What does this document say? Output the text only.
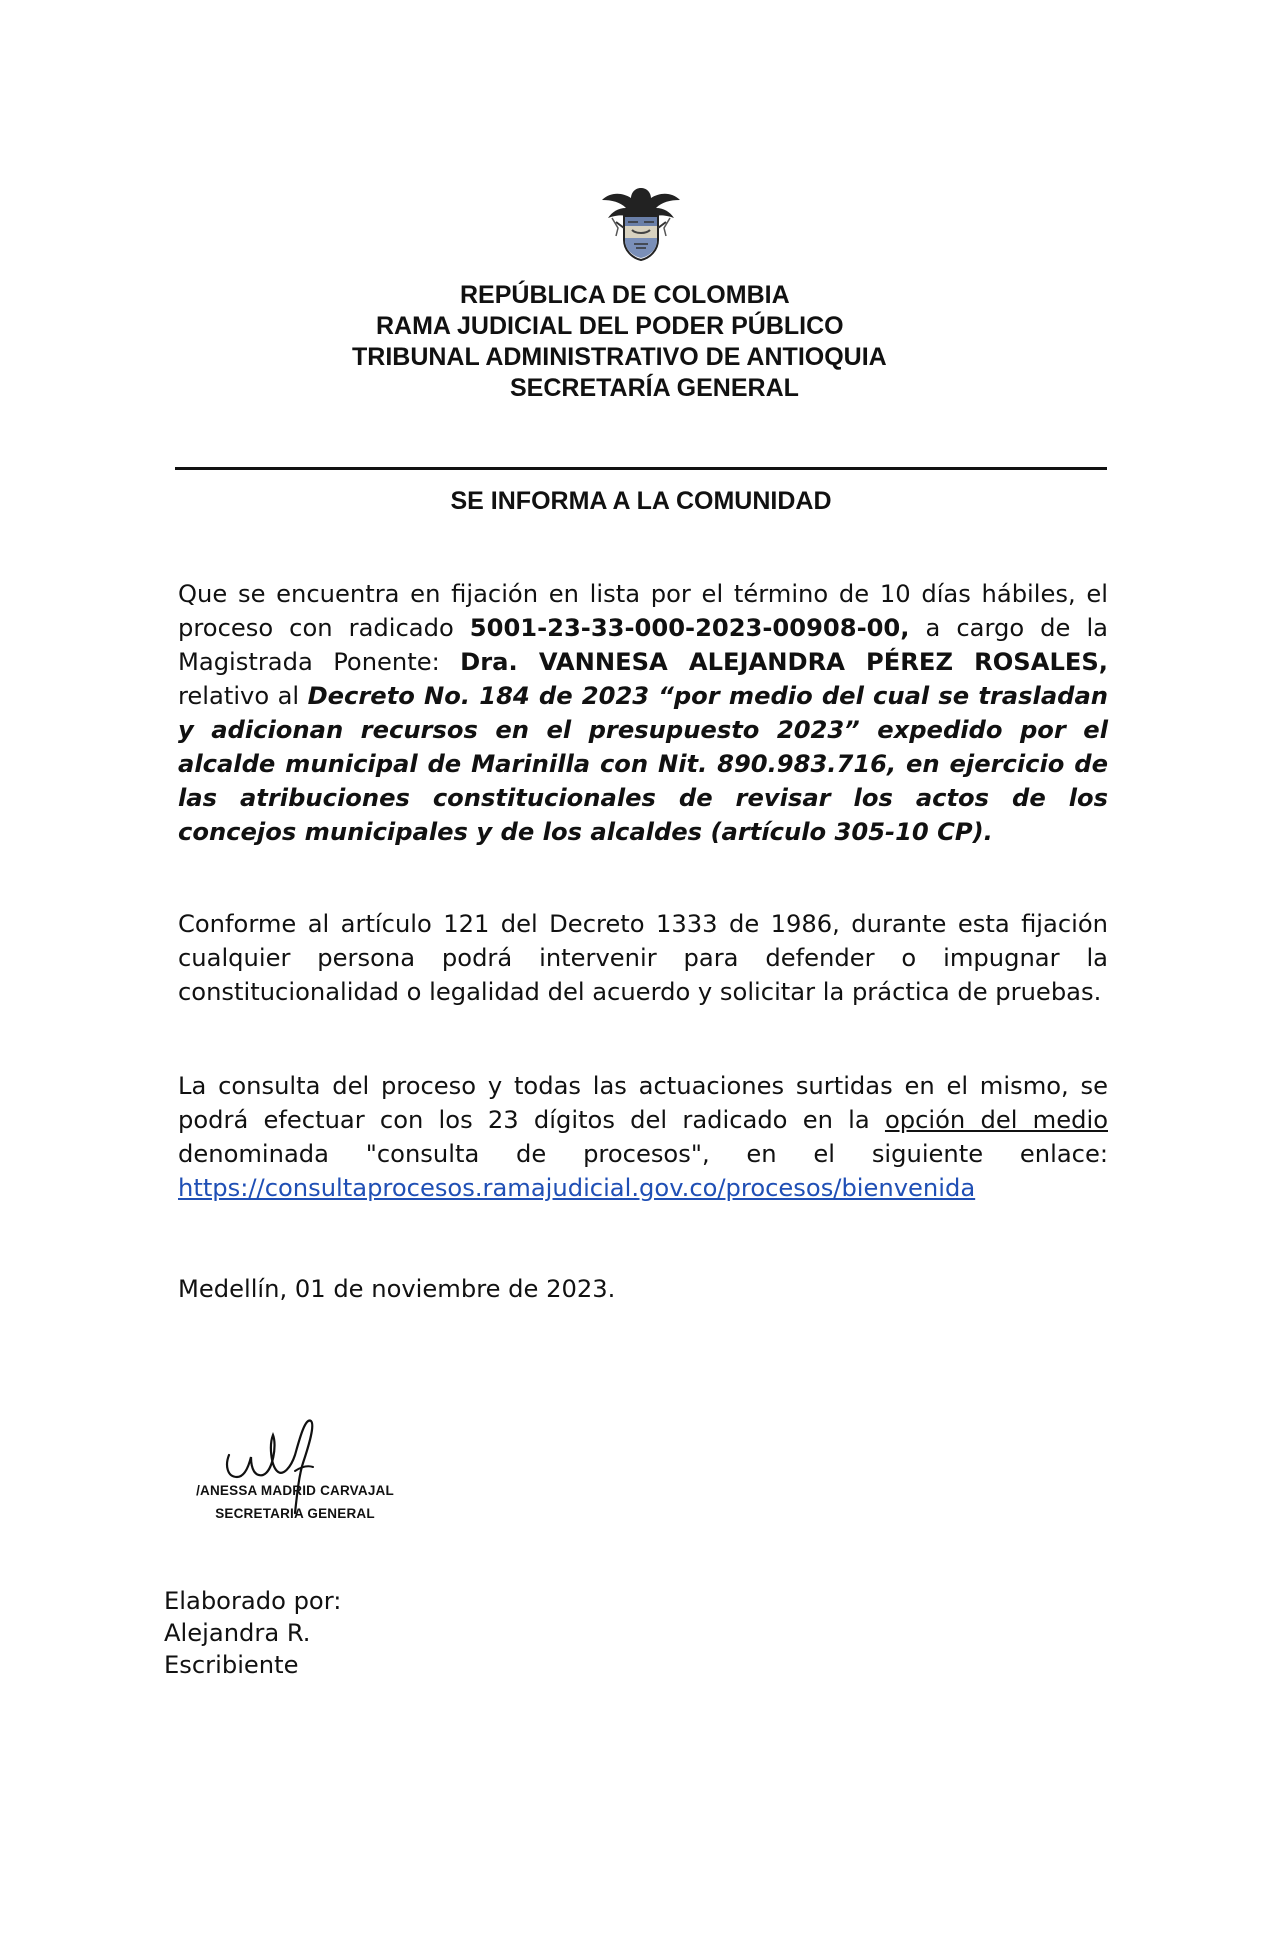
REPÚBLICA DE COLOMBIA
RAMA JUDICIAL DEL PODER PÚBLICO
TRIBUNAL ADMINISTRATIVO DE ANTIOQUIA
SECRETARÍA GENERAL
SE INFORMA A LA COMUNIDAD

Que se encuentra en fijación en lista por el término de 10 días hábiles, el proceso con radicado 5001-23-33-000-2023-00908-00, a cargo de la Magistrada Ponente: Dra. VANNESA ALEJANDRA PÉREZ ROSALES, relativo al Decreto No. 184 de 2023 “por medio del cual se trasladan y adicionan recursos en el presupuesto 2023” expedido por el alcalde municipal de Marinilla con Nit. 890.983.716, en ejercicio de las atribuciones constitucionales de revisar los actos de los concejos municipales y de los alcaldes (artículo 305-10 CP).

Conforme al artículo 121 del Decreto 1333 de 1986, durante esta fijación cualquier persona podrá intervenir para defender o impugnar la constitucionalidad o legalidad del acuerdo y solicitar la práctica de pruebas.

La consulta del proceso y todas las actuaciones surtidas en el mismo, se podrá efectuar con los 23 dígitos del radicado en la opción del medio denominada "consulta de procesos", en el siguiente enlace: https://consultaprocesos.ramajudicial.gov.co/procesos/bienvenida

Medellín, 01 de noviembre de 2023.
/ANESSA MADRID CARVAJAL
SECRETARIA GENERAL
Elaborado por:
Alejandra R.
Escribiente
